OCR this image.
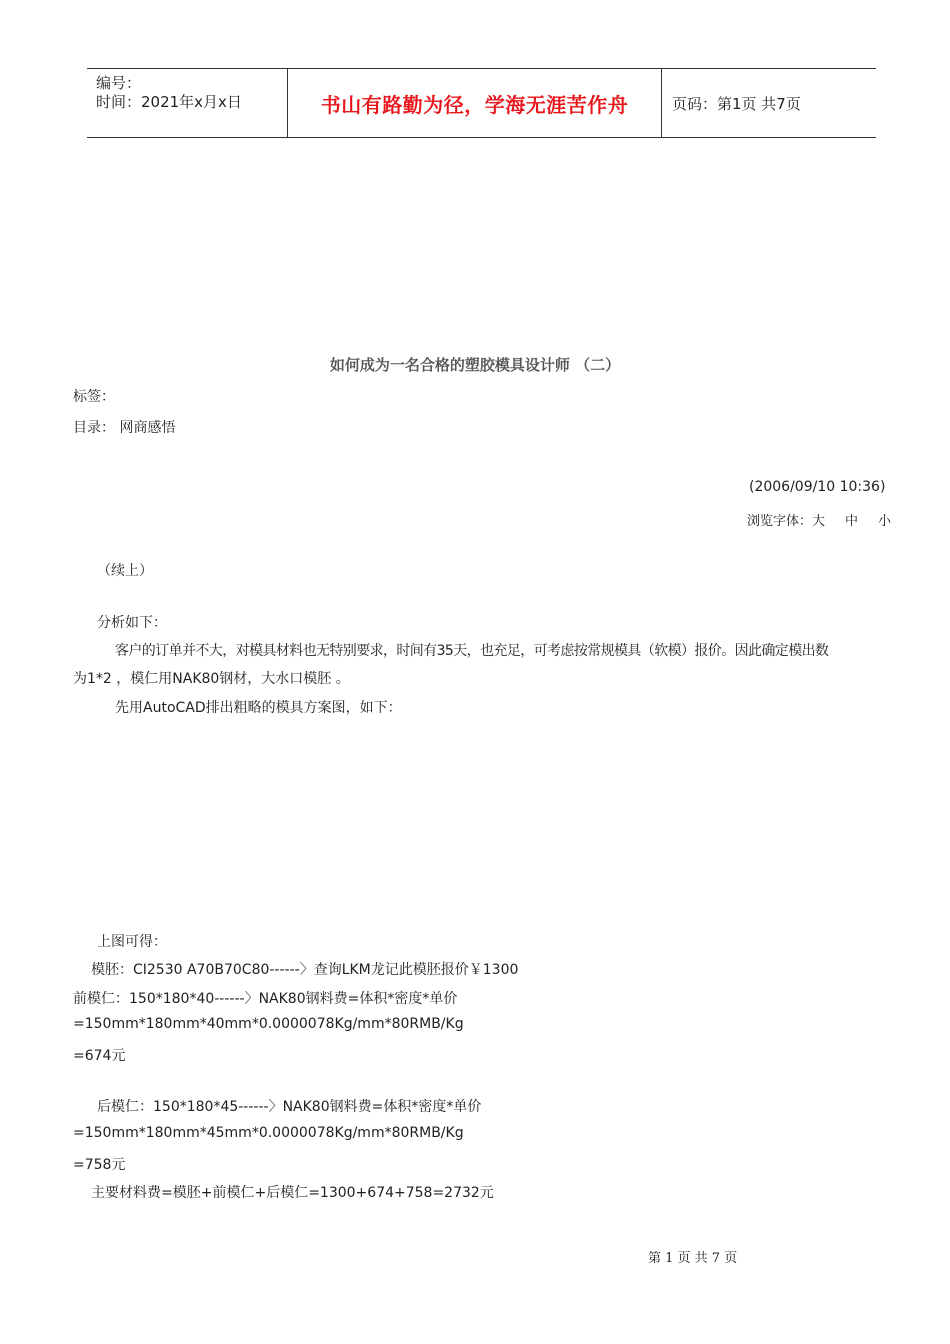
编号：
时间：2021年x月x日	书山有路勤为径，学海无涯苦作舟	页码：第1页 共7页
如何成为一名合格的塑胶模具设计师 （二）
标签：
目录： 网商感悟
(2006/09/10 10:36)
浏览字体：大 中 小
（续上）
分析如下：
客户的订单并不大，对模具材料也无特别要求，时间有35天，也充足，可考虑按常规模具（软模）报价。因此确定模出数
为1*2 ，模仁用NAK80钢材，大水口模胚 。
先用AutoCAD排出粗略的模具方案图，如下：
上图可得：
模胚：CI2530 A70B70C80------〉查询LKM龙记此模胚报价￥1300
前模仁：150*180*40------〉NAK80钢料费=体积*密度*单价
=150mm*180mm*40mm*0.0000078Kg/mm*80RMB/Kg
=674元
后模仁：150*180*45------〉NAK80钢料费=体积*密度*单价
=150mm*180mm*45mm*0.0000078Kg/mm*80RMB/Kg
=758元
主要材料费=模胚+前模仁+后模仁=1300+674+758=2732元
第 1 页 共 7 页
